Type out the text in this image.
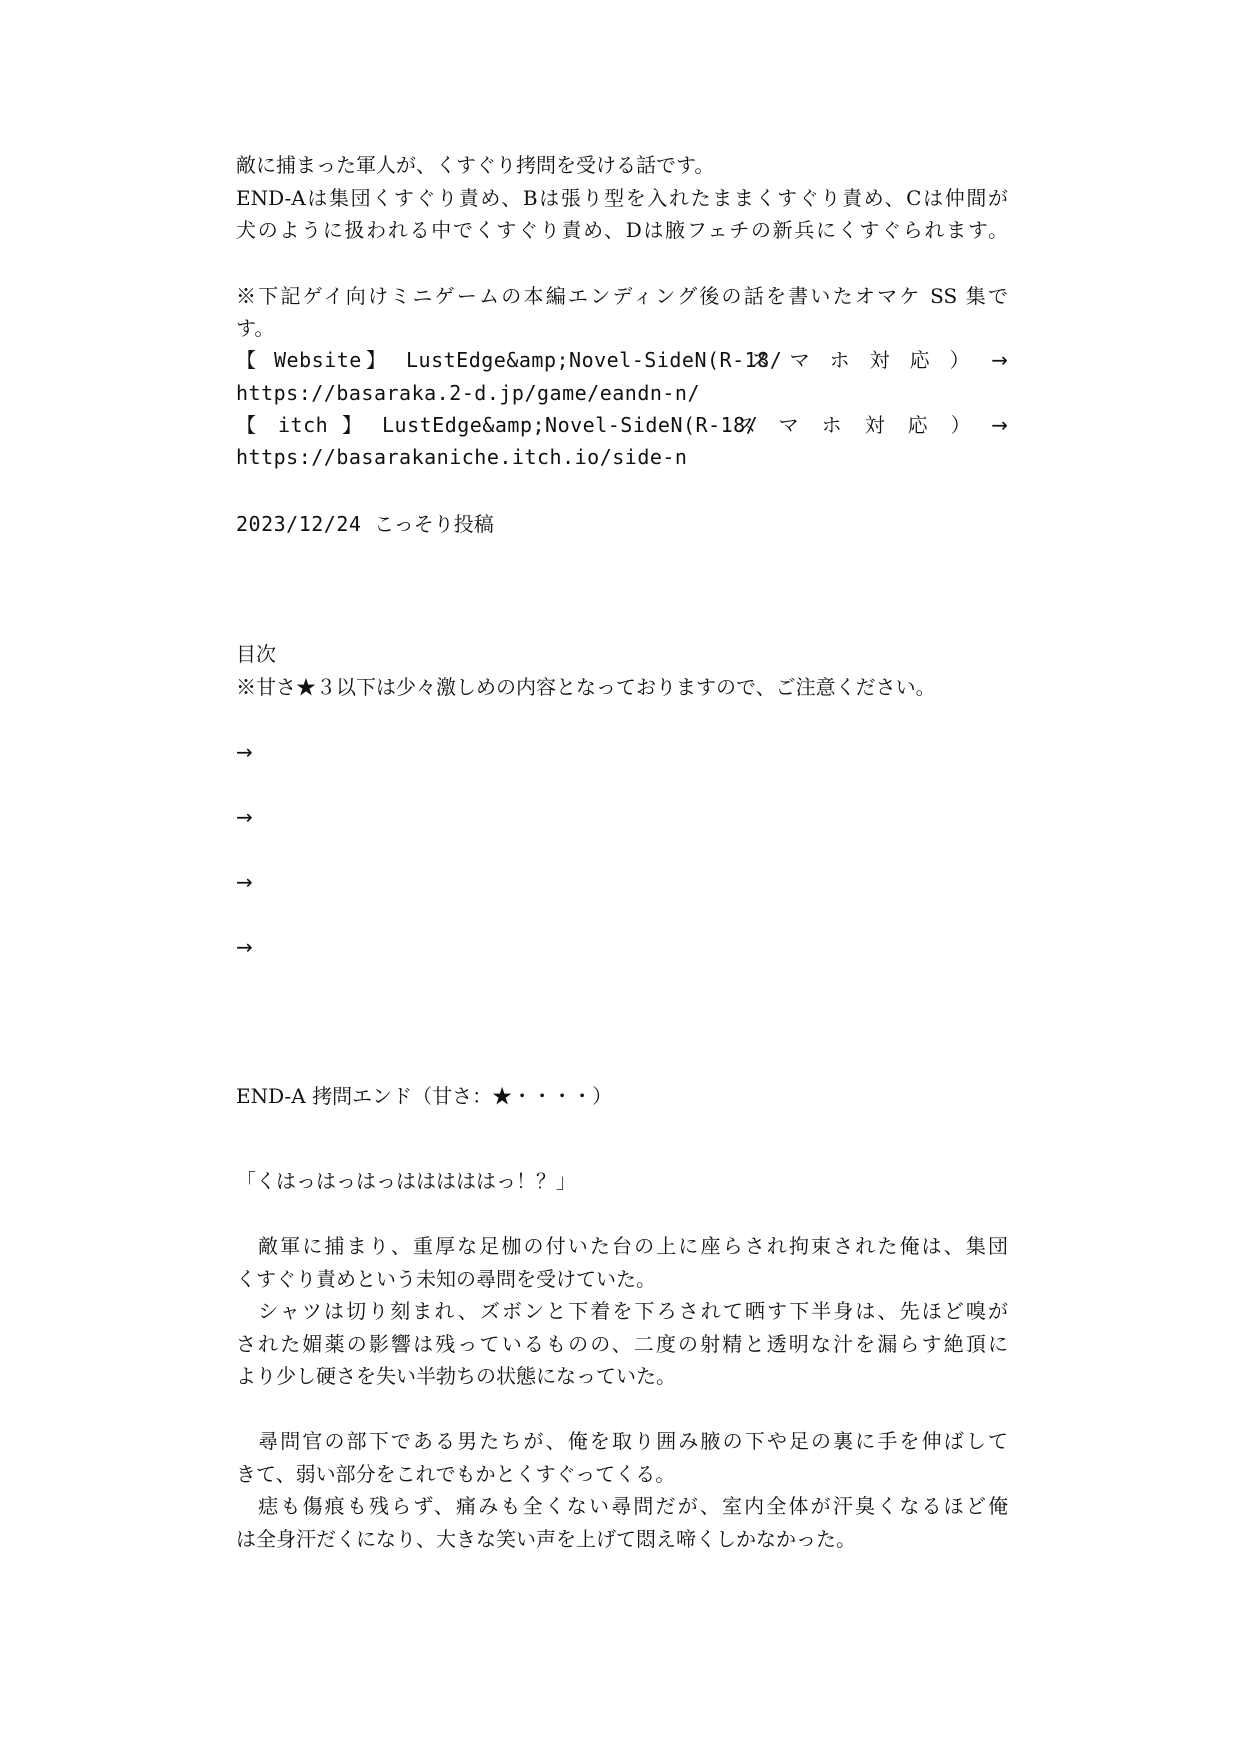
敵に捕まった軍人が、くすぐり拷問を受ける話です。
END-Aは集団くすぐり責め、Bは張り型を入れたままくすぐり責め、Cは仲間が
犬のように扱われる中でくすぐり責め、Dは腋フェチの新兵にくすぐられます。
※下記ゲイ向けミニゲームの本編エンディング後の話を書いたオマケ SS 集で
す。
【 Website 】 LustEdge&amp;Novel-SideN(R-18/
スマホ対応） →
https://basaraka.2-d.jp/game/eandn-n/
【 itch 】 LustEdge&amp;Novel-SideN(R-18/
スマホ対応）
→
https://basarakaniche.itch.io/side-n
2023/12/24 こっそり投稿
目次
※甘さ★３以下は少々激しめの内容となっておりますので、ご注意ください。
→
→
→
→
END-A 拷問エンド（甘さ：★・・・・）
「くはっはっはっはははははっ！？」
　敵軍に捕まり、重厚な足枷の付いた台の上に座らされ拘束された俺は、集団
くすぐり責めという未知の尋問を受けていた。
　シャツは切り刻まれ、ズボンと下着を下ろされて晒す下半身は、先ほど嗅が
された媚薬の影響は残っているものの、二度の射精と透明な汁を漏らす絶頂に
より少し硬さを失い半勃ちの状態になっていた。
　尋問官の部下である男たちが、俺を取り囲み腋の下や足の裏に手を伸ばして
きて、弱い部分をこれでもかとくすぐってくる。
　痣も傷痕も残らず、痛みも全くない尋問だが、室内全体が汗臭くなるほど俺
は全身汗だくになり、大きな笑い声を上げて悶え啼くしかなかった。
